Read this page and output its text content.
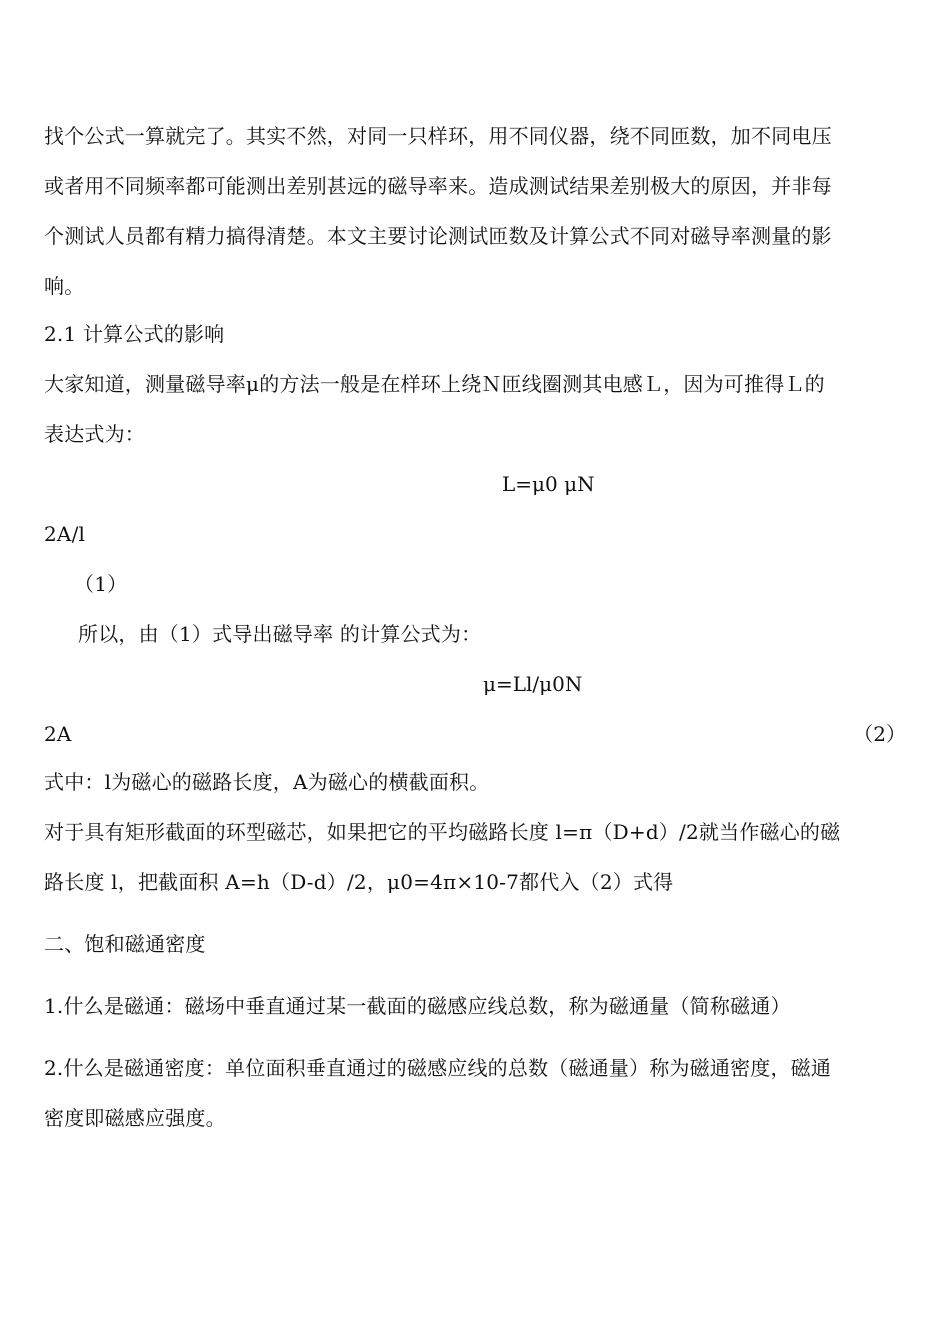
找个公式一算就完了。其实不然，对同一只样环，用不同仪器，绕不同匝数，加不同电压
或者用不同频率都可能测出差别甚远的磁导率来。造成测试结果差别极大的原因，并非每
个测试人员都有精力搞得清楚。本文主要讨论测试匝数及计算公式不同对磁导率测量的影
响。
2.1 计算公式的影响
大家知道，测量磁导率μ的方法一般是在样环上绕Ｎ匝线圈测其电感Ｌ，因为可推得Ｌ的
表达式为：
L=μ0 μN
2A/l
（1）
所以，由（1）式导出磁导率 的计算公式为：
μ=Ll/μ0N
2A	（2）
式中：l为磁心的磁路长度，A为磁心的横截面积。
对于具有矩形截面的环型磁芯，如果把它的平均磁路长度 l=π（D+d）/2就当作磁心的磁
路长度 l，把截面积 A=h（D-d）/2，μ0=4π×10-7都代入（2）式得
二、饱和磁通密度
1.什么是磁通：磁场中垂直通过某一截面的磁感应线总数，称为磁通量（简称磁通）
2.什么是磁通密度：单位面积垂直通过的磁感应线的总数（磁通量）称为磁通密度，磁通
密度即磁感应强度。
